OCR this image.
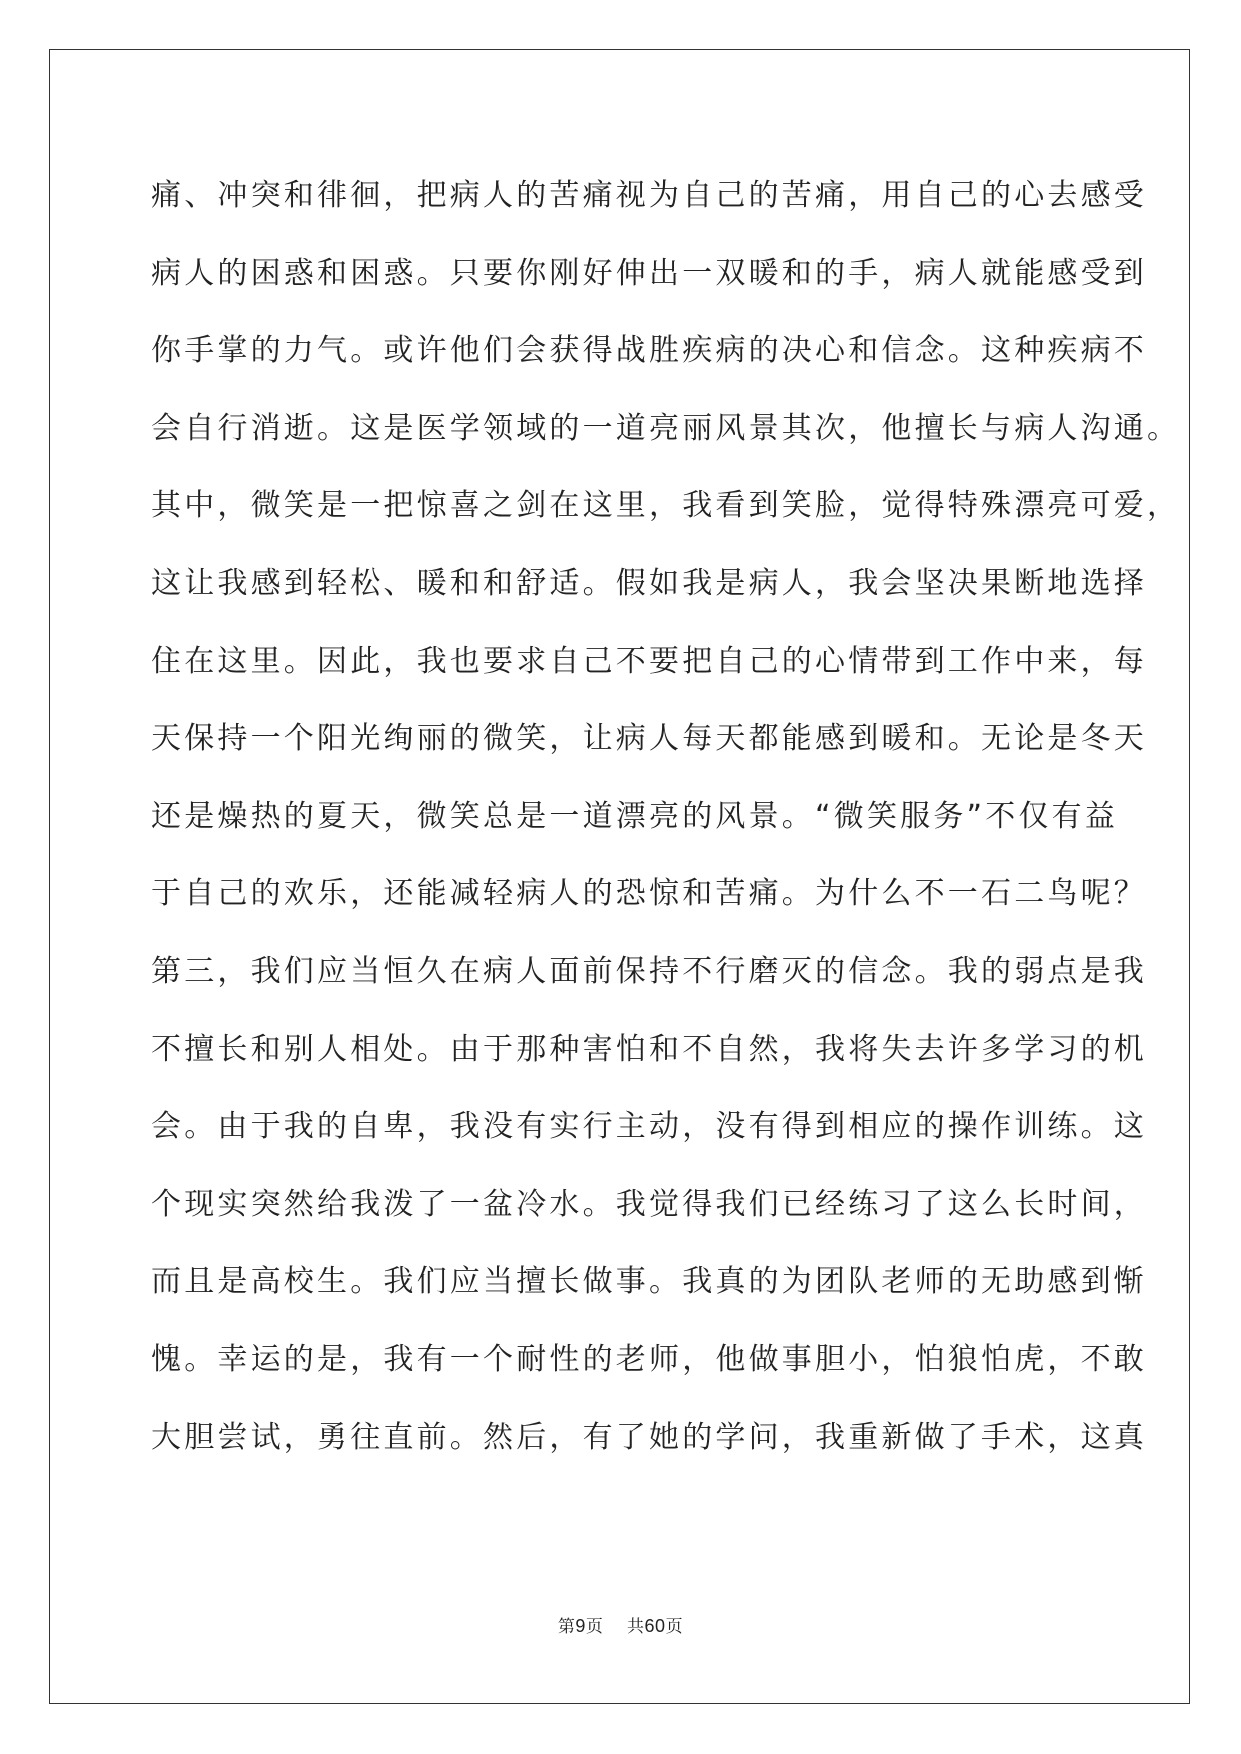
痛、冲突和徘徊，把病人的苦痛视为自己的苦痛，用自己的心去感受
病人的困惑和困惑。只要你刚好伸出一双暖和的手，病人就能感受到
你手掌的力气。或许他们会获得战胜疾病的决心和信念。这种疾病不
会自行消逝。这是医学领域的一道亮丽风景其次，他擅长与病人沟通。
其中，微笑是一把惊喜之剑在这里，我看到笑脸，觉得特殊漂亮可爱，
这让我感到轻松、暖和和舒适。假如我是病人，我会坚决果断地选择
住在这里。因此，我也要求自己不要把自己的心情带到工作中来，每
天保持一个阳光绚丽的微笑，让病人每天都能感到暖和。无论是冬天
还是燥热的夏天，微笑总是一道漂亮的风景。“微笑服务”不仅有益
于自己的欢乐，还能减轻病人的恐惊和苦痛。为什么不一石二鸟呢？
第三，我们应当恒久在病人面前保持不行磨灭的信念。我的弱点是我
不擅长和别人相处。由于那种害怕和不自然，我将失去许多学习的机
会。由于我的自卑，我没有实行主动，没有得到相应的操作训练。这
个现实突然给我泼了一盆冷水。我觉得我们已经练习了这么长时间，
而且是高校生。我们应当擅长做事。我真的为团队老师的无助感到惭
愧。幸运的是，我有一个耐性的老师，他做事胆小，怕狼怕虎，不敢
大胆尝试，勇往直前。然后，有了她的学问，我重新做了手术，这真
第9页 共60页
